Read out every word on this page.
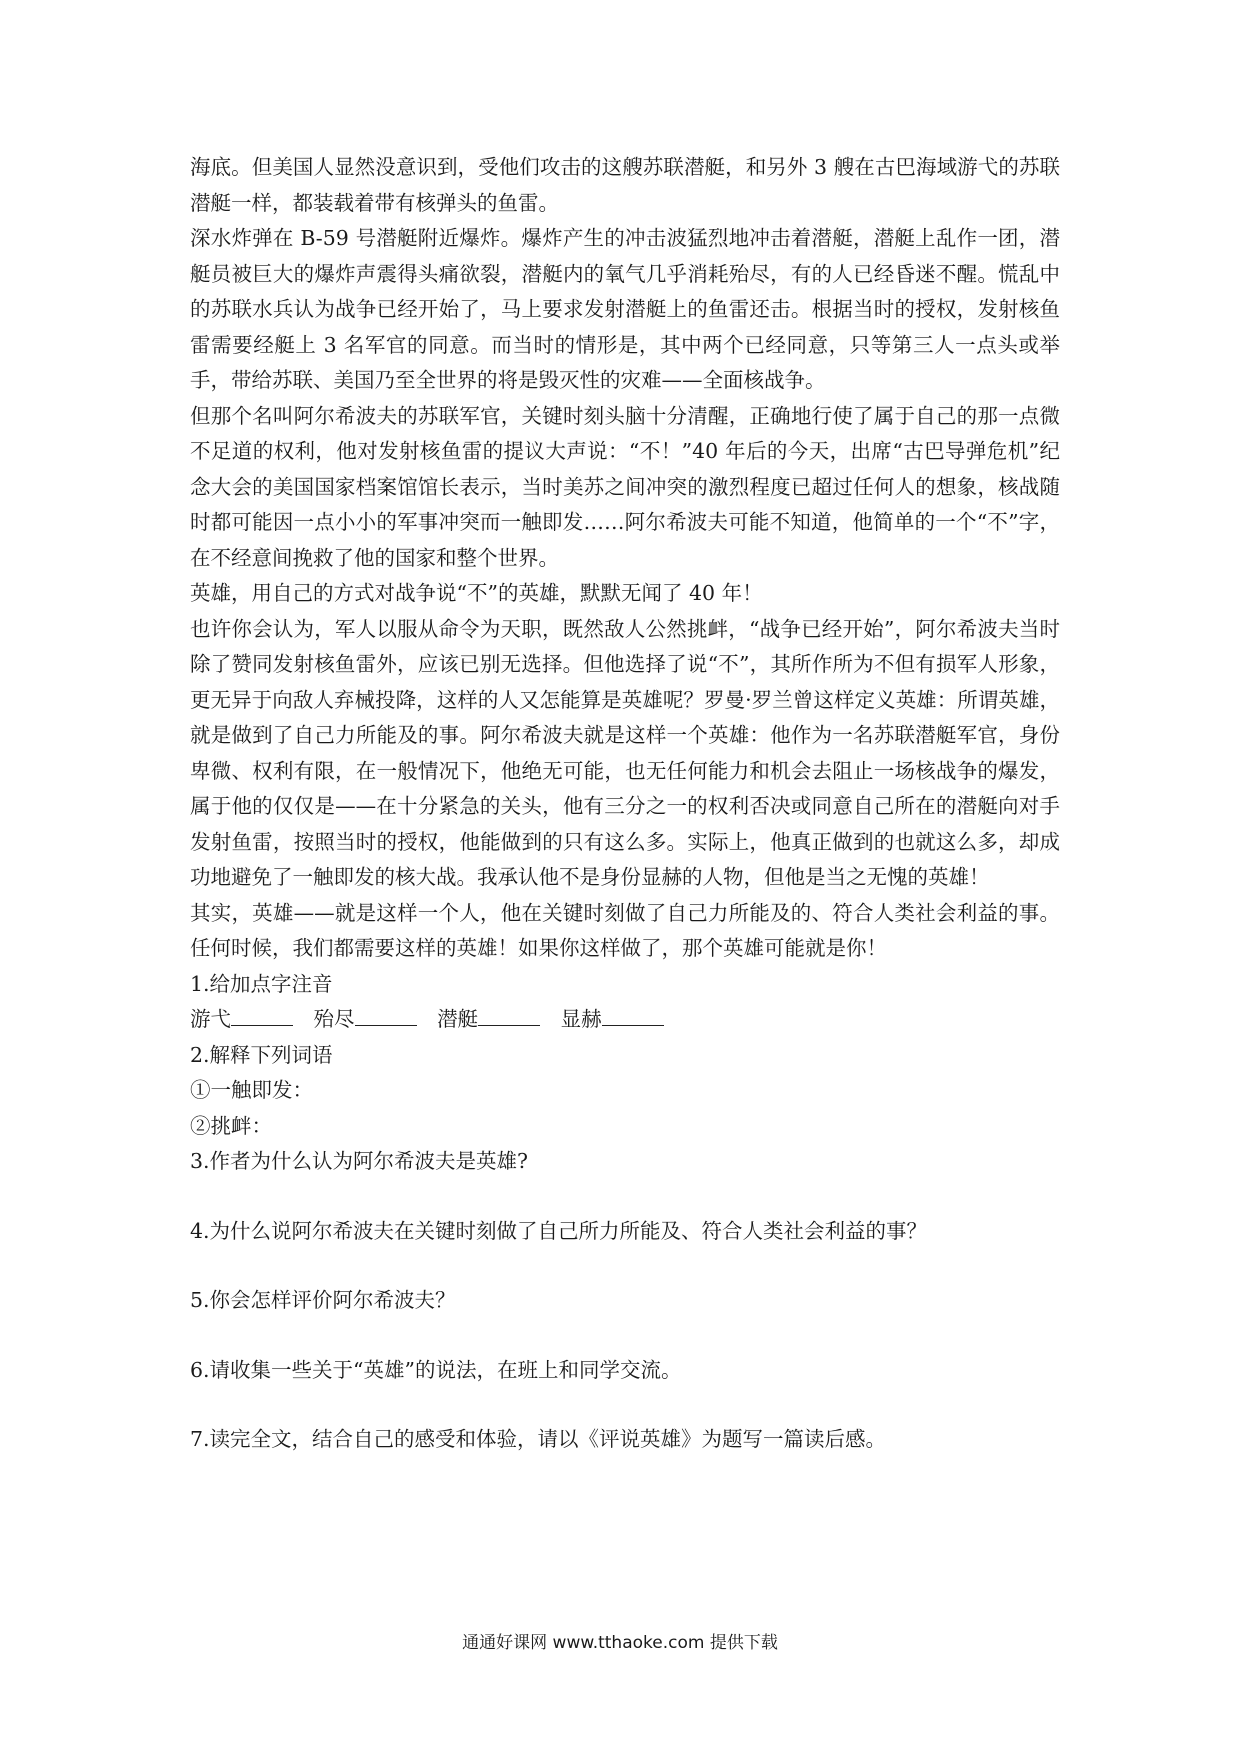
海底。但美国人显然没意识到，受他们攻击的这艘苏联潜艇，和另外 3 艘在古巴海域游弋的苏联潜艇一样，都装载着带有核弹头的鱼雷。

深水炸弹在 B-59 号潜艇附近爆炸。爆炸产生的冲击波猛烈地冲击着潜艇，潜艇上乱作一团，潜艇员被巨大的爆炸声震得头痛欲裂，潜艇内的氧气几乎消耗殆尽，有的人已经昏迷不醒。慌乱中的苏联水兵认为战争已经开始了，马上要求发射潜艇上的鱼雷还击。根据当时的授权，发射核鱼雷需要经艇上 3 名军官的同意。而当时的情形是，其中两个已经同意，只等第三人一点头或举手，带给苏联、美国乃至全世界的将是毁灭性的灾难——全面核战争。

但那个名叫阿尔希波夫的苏联军官，关键时刻头脑十分清醒，正确地行使了属于自己的那一点微不足道的权利，他对发射核鱼雷的提议大声说：“不！”40 年后的今天，出席“古巴导弹危机”纪念大会的美国国家档案馆馆长表示，当时美苏之间冲突的激烈程度已超过任何人的想象，核战随时都可能因一点小小的军事冲突而一触即发……阿尔希波夫可能不知道，他简单的一个“不”字，在不经意间挽救了他的国家和整个世界。

英雄，用自己的方式对战争说“不”的英雄，默默无闻了 40 年！

也许你会认为，军人以服从命令为天职，既然敌人公然挑衅，“战争已经开始”，阿尔希波夫当时除了赞同发射核鱼雷外，应该已别无选择。但他选择了说“不”，其所作所为不但有损军人形象，更无异于向敌人弃械投降，这样的人又怎能算是英雄呢？罗曼·罗兰曾这样定义英雄：所谓英雄，就是做到了自己力所能及的事。阿尔希波夫就是这样一个英雄：他作为一名苏联潜艇军官，身份卑微、权利有限，在一般情况下，他绝无可能，也无任何能力和机会去阻止一场核战争的爆发，属于他的仅仅是——在十分紧急的关头，他有三分之一的权利否决或同意自己所在的潜艇向对手发射鱼雷，按照当时的授权，他能做到的只有这么多。实际上，他真正做到的也就这么多，却成功地避免了一触即发的核大战。我承认他不是身份显赫的人物，但他是当之无愧的英雄！

其实，英雄——就是这样一个人，他在关键时刻做了自己力所能及的、符合人类社会利益的事。任何时候，我们都需要这样的英雄！如果你这样做了，那个英雄可能就是你！

1.给加点字注音

游弋	殆尽	潜艇	显赫

2.解释下列词语

①一触即发：

②挑衅：

3.作者为什么认为阿尔希波夫是英雄?

4.为什么说阿尔希波夫在关键时刻做了自己所力所能及、符合人类社会利益的事？

5.你会怎样评价阿尔希波夫？

6.请收集一些关于“英雄”的说法，在班上和同学交流。

7.读完全文，结合自己的感受和体验，请以《评说英雄》为题写一篇读后感。

通通好课网 www.tthaoke.com 提供下载
